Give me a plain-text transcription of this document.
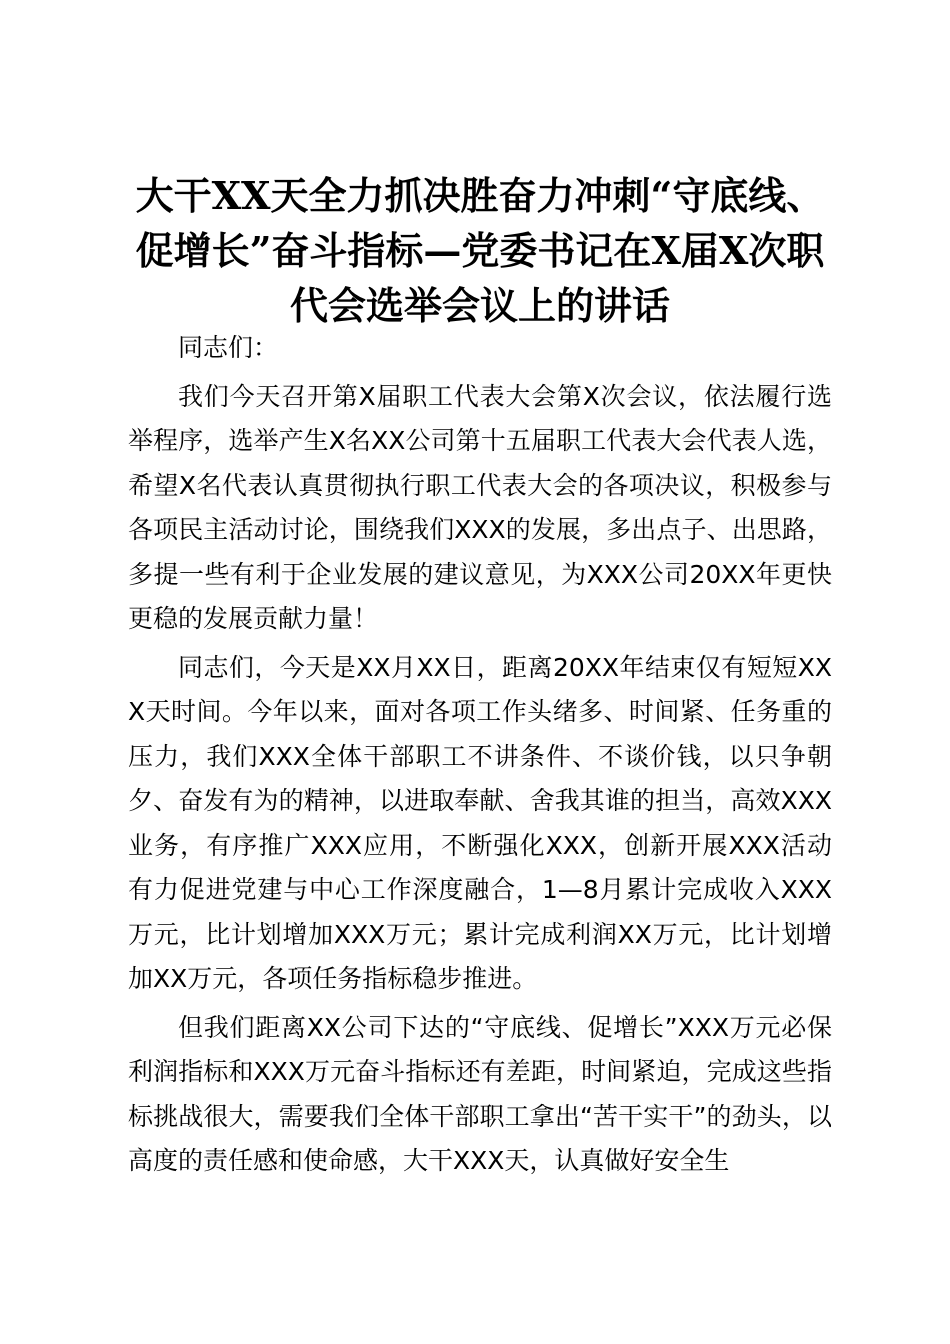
大干XX天全力抓决胜奋力冲刺“守底线、促增长”奋斗指标—党委书记在X届X次职代会选举会议上的讲话

同志们：

我们今天召开第X届职工代表大会第X次会议，依法履行选举程序，选举产生X名XX公司第十五届职工代表大会代表人选，希望X名代表认真贯彻执行职工代表大会的各项决议，积极参与各项民主活动讨论，围绕我们XXX的发展，多出点子、出思路，多提一些有利于企业发展的建议意见，为XXX公司20XX年更快更稳的发展贡献力量！

同志们，今天是XX月XX日，距离20XX年结束仅有短短XXX天时间。今年以来，面对各项工作头绪多、时间紧、任务重的压力，我们XXX全体干部职工不讲条件、不谈价钱，以只争朝夕、奋发有为的精神，以进取奉献、舍我其谁的担当，高效XXX业务，有序推广XXX应用，不断强化XXX，创新开展XXX活动有力促进党建与中心工作深度融合，1—8月累计完成收入XXX万元，比计划增加XXX万元；累计完成利润XX万元，比计划增加XX万元，各项任务指标稳步推进。

但我们距离XX公司下达的“守底线、促增长”XXX万元必保利润指标和XXX万元奋斗指标还有差距，时间紧迫，完成这些指标挑战很大，需要我们全体干部职工拿出“苦干实干”的劲头，以高度的责任感和使命感，大干XXX天，认真做好安全生
